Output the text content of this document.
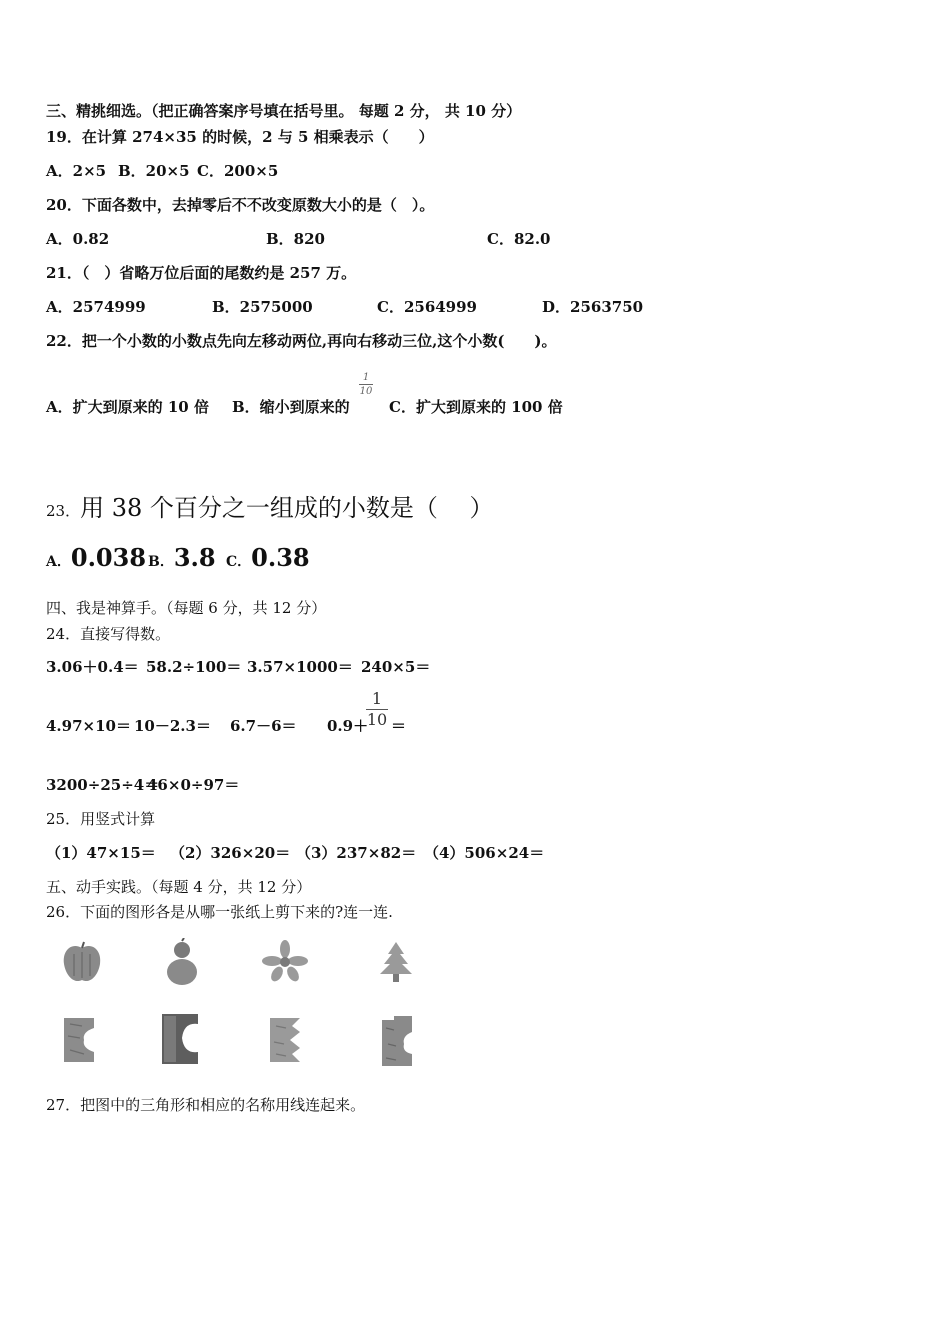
三、精挑细选。（把正确答案序号填在括号里。 每题 2 分， 共 10 分）
19．在计算 274×35 的时候，2 与 5 相乘表示（　　）
A．2×5 B．20×5 C．200×5
20．下面各数中，去掉零后不不改变原数大小的是（　）。
A．0.82	B．820	C．82.0
21．（　）省略万位后面的尾数约是 257 万。
A．2574999	B．2575000	C．2564999	D．2563750
22．把一个小数的小数点先向左移动两位,再向右移动三位,这个小数(　　)。
A．扩大到原来的 10 倍 B．缩小到原来的
1
10
C．扩大到原来的 100 倍
23．用 38 个百分之一组成的小数是（　 ）
A．0.038 B．3.8 C．0.38
四、我是神算手。（每题 6 分，共 12 分）
24．直接写得数。
3.06＋0.4＝ 58.2÷100＝ 3.57×1000＝ 240×5＝
4.97×10＝ 10－2.3＝ 6.7－6＝ 0.9＋
1
10 ＝
3200÷25÷4＝
46×0÷97＝
25．用竖式计算
（1）47×15＝ （2）326×20＝ （3）237×82＝ （4）506×24＝
五、动手实践。（每题 4 分，共 12 分）
26．下面的图形各是从哪一张纸上剪下来的?连一连.
27．把图中的三角形和相应的名称用线连起来。
